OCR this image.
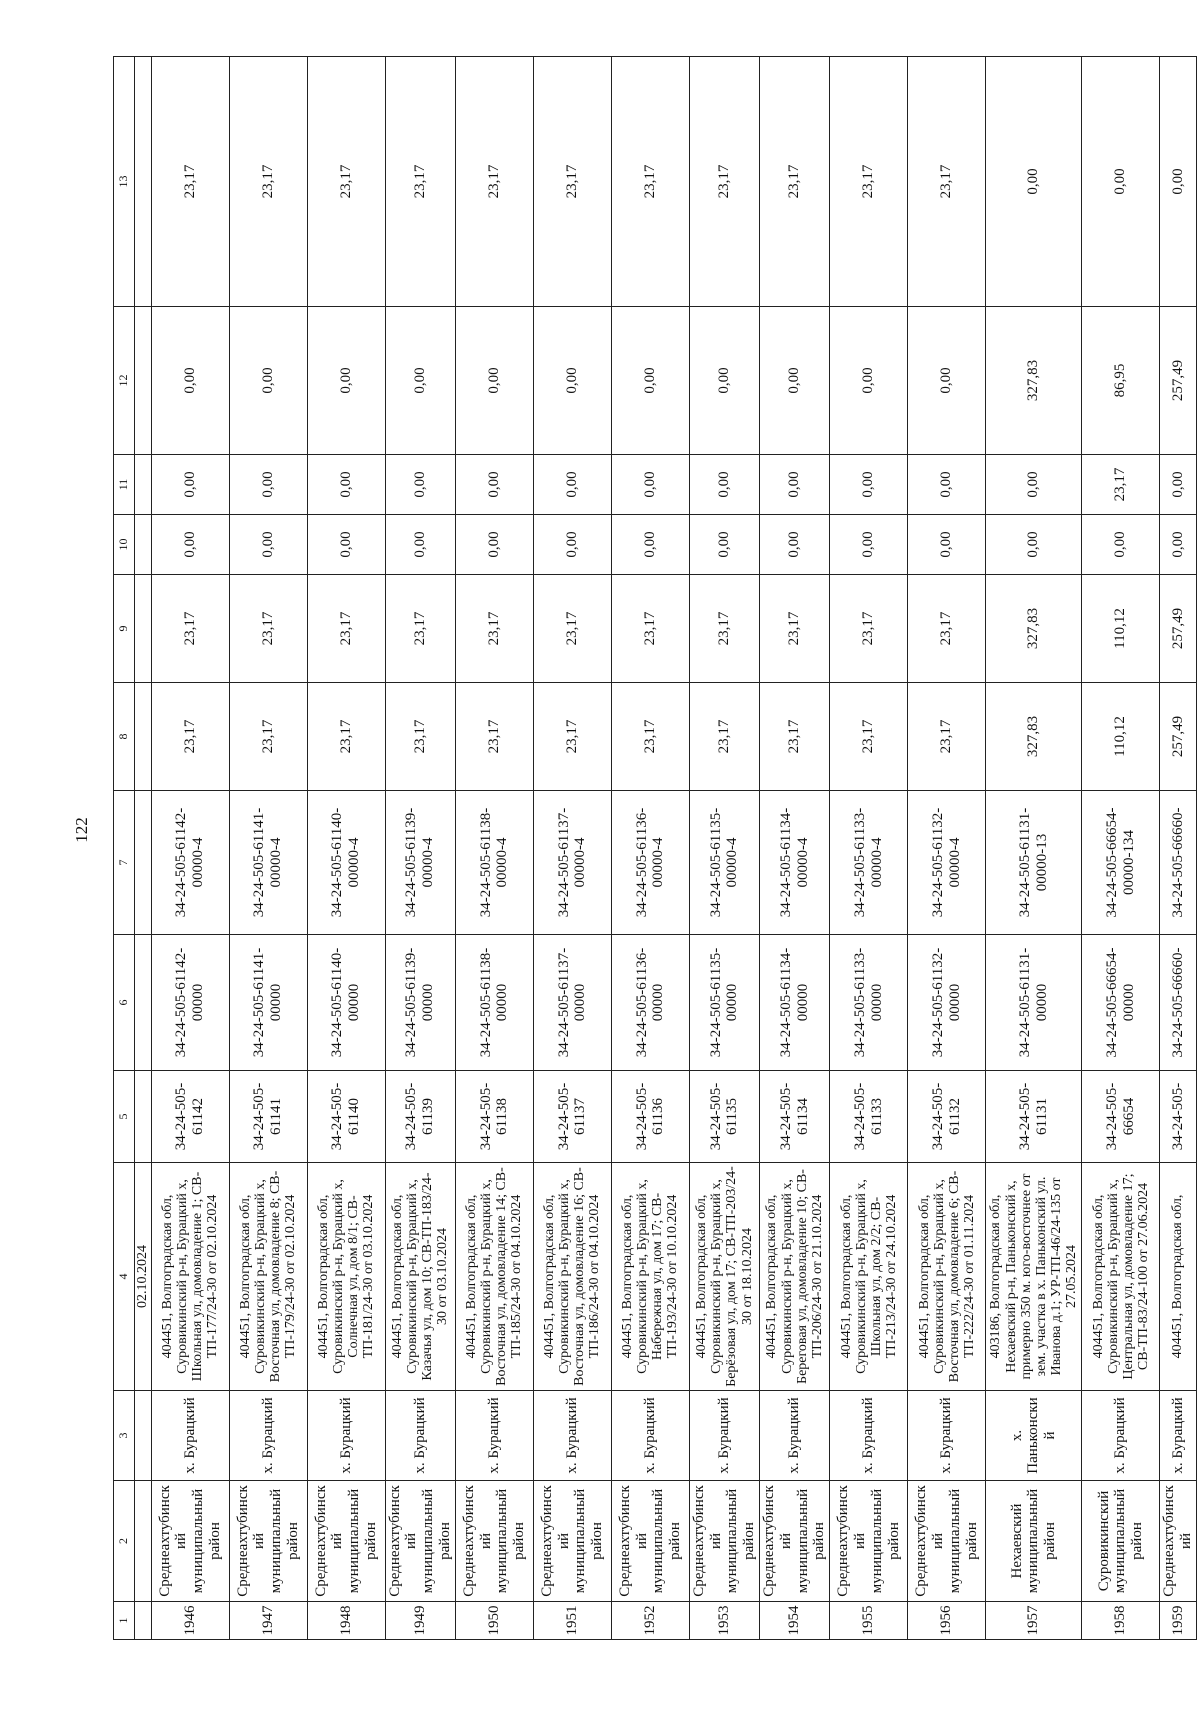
122
1	2	3	4	5	6	7	8	9	10	11	12	13
			02.10.2024									
1946	Среднеахтубинский муниципальный район	х. Бурацкий	404451, Волгоградская обл, Суровикинский р-н, Бурацкий х, Школьная ул, домовладение 1; СВ-ТП-177/24-30 от 02.10.2024	34-24-505-61142	34-24-505-61142-00000	34-24-505-61142-00000-4	23,17	23,17	0,00	0,00	0,00	23,17
1947	Среднеахтубинский муниципальный район	х. Бурацкий	404451, Волгоградская обл, Суровикинский р-н, Бурацкий х, Восточная ул, домовладение 8; СВ-ТП-179/24-30 от 02.10.2024	34-24-505-61141	34-24-505-61141-00000	34-24-505-61141-00000-4	23,17	23,17	0,00	0,00	0,00	23,17
1948	Среднеахтубинский муниципальный район	х. Бурацкий	404451, Волгоградская обл, Суровикинский р-н, Бурацкий х, Солнечная ул, дом 8/1; СВ-ТП-181/24-30 от 03.10.2024	34-24-505-61140	34-24-505-61140-00000	34-24-505-61140-00000-4	23,17	23,17	0,00	0,00	0,00	23,17
1949	Среднеахтубинский муниципальный район	х. Бурацкий	404451, Волгоградская обл, Суровикинский р-н, Бурацкий х, Казачья ул, дом 10; СВ-ТП-183/24-30 от 03.10.2024	34-24-505-61139	34-24-505-61139-00000	34-24-505-61139-00000-4	23,17	23,17	0,00	0,00	0,00	23,17
1950	Среднеахтубинский муниципальный район	х. Бурацкий	404451, Волгоградская обл, Суровикинский р-н, Бурацкий х, Восточная ул, домовладение 14; СВ-ТП-185/24-30 от 04.10.2024	34-24-505-61138	34-24-505-61138-00000	34-24-505-61138-00000-4	23,17	23,17	0,00	0,00	0,00	23,17
1951	Среднеахтубинский муниципальный район	х. Бурацкий	404451, Волгоградская обл, Суровикинский р-н, Бурацкий х, Восточная ул, домовладение 16; СВ-ТП-186/24-30 от 04.10.2024	34-24-505-61137	34-24-505-61137-00000	34-24-505-61137-00000-4	23,17	23,17	0,00	0,00	0,00	23,17
1952	Среднеахтубинский муниципальный район	х. Бурацкий	404451, Волгоградская обл, Суровикинский р-н, Бурацкий х, Набережная ул, дом 17; СВ-ТП-193/24-30 от 10.10.2024	34-24-505-61136	34-24-505-61136-00000	34-24-505-61136-00000-4	23,17	23,17	0,00	0,00	0,00	23,17
1953	Среднеахтубинский муниципальный район	х. Бурацкий	404451, Волгоградская обл, Суровикинский р-н, Бурацкий х, Берёзовая ул, дом 17; СВ-ТП-203/24-30 от 18.10.2024	34-24-505-61135	34-24-505-61135-00000	34-24-505-61135-00000-4	23,17	23,17	0,00	0,00	0,00	23,17
1954	Среднеахтубинский муниципальный район	х. Бурацкий	404451, Волгоградская обл, Суровикинский р-н, Бурацкий х, Береговая ул, домовладение 10; СВ-ТП-206/24-30 от 21.10.2024	34-24-505-61134	34-24-505-61134-00000	34-24-505-61134-00000-4	23,17	23,17	0,00	0,00	0,00	23,17
1955	Среднеахтубинский муниципальный район	х. Бурацкий	404451, Волгоградская обл, Суровикинский р-н, Бурацкий х, Школьная ул, дом 2/2; СВ-ТП-213/24-30 от 24.10.2024	34-24-505-61133	34-24-505-61133-00000	34-24-505-61133-00000-4	23,17	23,17	0,00	0,00	0,00	23,17
1956	Среднеахтубинский муниципальный район	х. Бурацкий	404451, Волгоградская обл, Суровикинский р-н, Бурацкий х, Восточная ул, домовладение 6; СВ-ТП-222/24-30 от 01.11.2024	34-24-505-61132	34-24-505-61132-00000	34-24-505-61132-00000-4	23,17	23,17	0,00	0,00	0,00	23,17
1957	Нехаевский муниципальный район	х. Паньконский	403186, Волгоградская обл, Нехаевский р-н, Паньконский х, примерно 350 м. юго-восточнее от зем. участка в х. Паньконский ул. Иванова д.1; УР-ТП-46/24-135 от 27.05.2024	34-24-505-61131	34-24-505-61131-00000	34-24-505-61131-00000-13	327,83	327,83	0,00	0,00	327,83	0,00
1958	Суровикинский муниципальный район	х. Бурацкий	404451, Волгоградская обл, Суровикинский р-н, Бурацкий х, Центральная ул, домовладение 17; СВ-ТП-83/24-100 от 27.06.2024	34-24-505-66654	34-24-505-66654-00000	34-24-505-66654-00000-134	110,12	110,12	0,00	23,17	86,95	0,00
1959	Среднеахтубинский	х. Бурацкий	404451, Волгоградская обл,	34-24-505-	34-24-505-66660-	34-24-505-66660-	257,49	257,49	0,00	0,00	257,49	0,00
